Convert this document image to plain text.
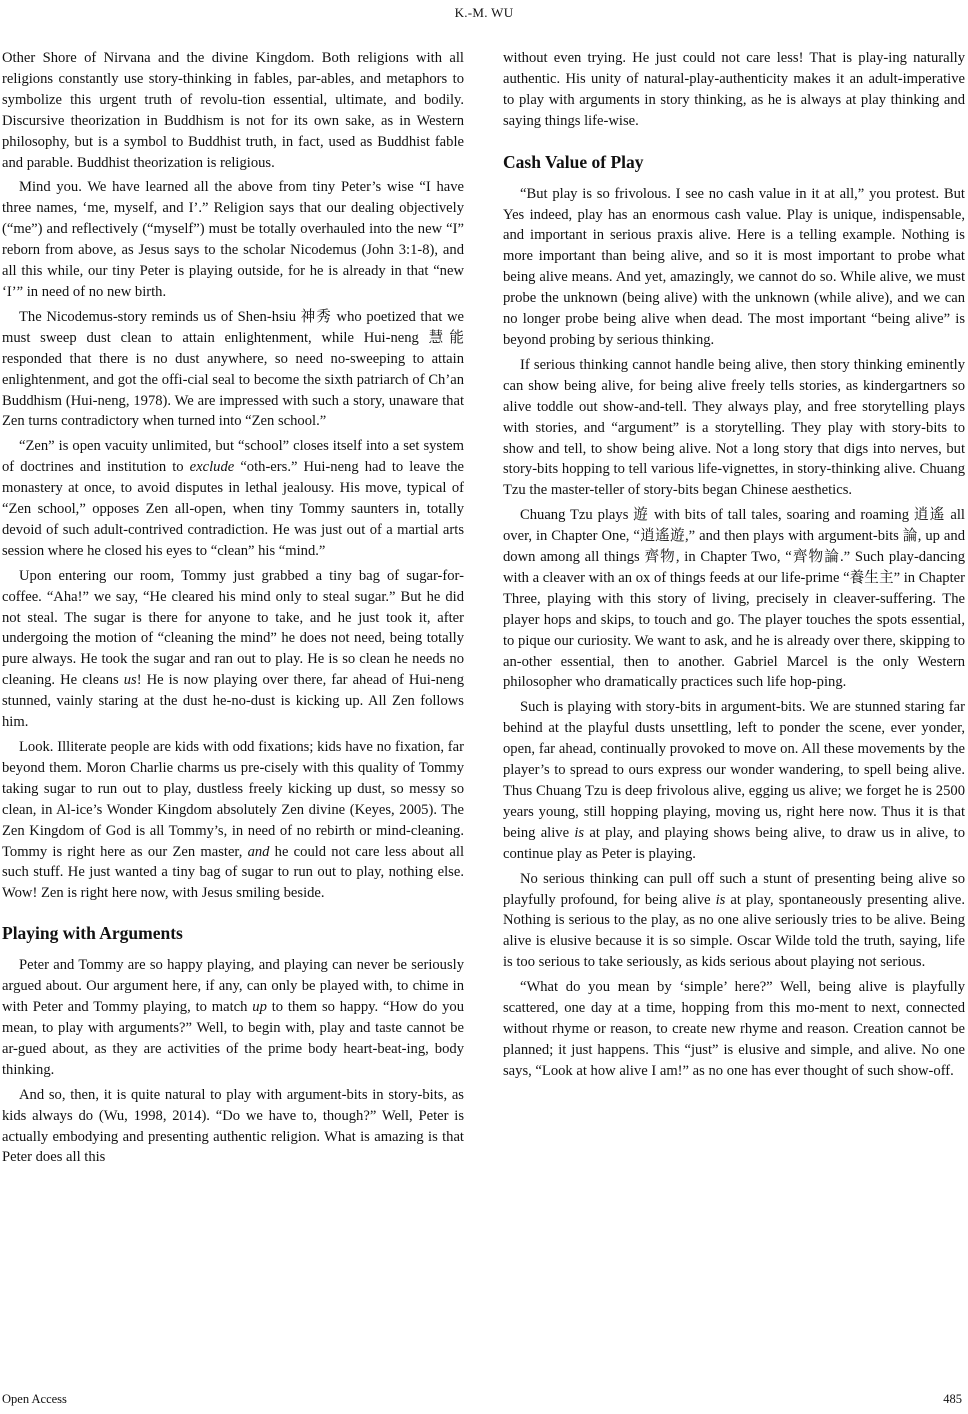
K.-M. WU

Other Shore of Nirvana and the divine Kingdom. Both religions with all religions constantly use story-thinking in fables, par-ables, and metaphors to symbolize this urgent truth of revolu-tion essential, ultimate, and bodily. Discursive theorization in Buddhism is not for its own sake, as in Western philosophy, but is a symbol to Buddhist truth, in fact, used as Buddhist fable and parable. Buddhist theorization is religious.

Mind you. We have learned all the above from tiny Peter’s wise “I have three names, ‘me, myself, and I’.” Religion says that our dealing objectively (“me”) and reflectively (“myself”) must be totally overhauled into the new “I” reborn from above, as Jesus says to the scholar Nicodemus (John 3:1-8), and all this while, our tiny Peter is playing outside, for he is already in that “new ‘I’” in need of no new birth.

The Nicodemus-story reminds us of Shen-hsiu 神秀 who poetized that we must sweep dust clean to attain enlightenment, while Hui-neng 慧能 responded that there is no dust anywhere, so need no-sweeping to attain enlightenment, and got the offi-cial seal to become the sixth patriarch of Ch’an Buddhism (Hui-neng, 1978). We are impressed with such a story, unaware that Zen turns contradictory when turned into “Zen school.”

“Zen” is open vacuity unlimited, but “school” closes itself into a set system of doctrines and institution to exclude “oth-ers.” Hui-neng had to leave the monastery at once, to avoid disputes in lethal jealousy. His move, typical of “Zen school,” opposes Zen all-open, when tiny Tommy saunters in, totally devoid of such adult-contrived contradiction. He was just out of a martial arts session where he closed his eyes to “clean” his “mind.”

Upon entering our room, Tommy just grabbed a tiny bag of sugar-for-coffee. “Aha!” we say, “He cleared his mind only to steal sugar.” But he did not steal. The sugar is there for anyone to take, and he just took it, after undergoing the motion of “cleaning the mind” he does not need, being totally pure always. He took the sugar and ran out to play. He is so clean he needs no cleaning. He cleans us! He is now playing over there, far ahead of Hui-neng stunned, vainly staring at the dust he-no-dust is kicking up. All Zen follows him.

Look. Illiterate people are kids with odd fixations; kids have no fixation, far beyond them. Moron Charlie charms us pre-cisely with this quality of Tommy taking sugar to run out to play, dustless freely kicking up dust, so messy so clean, in Al-ice’s Wonder Kingdom absolutely Zen divine (Keyes, 2005). The Zen Kingdom of God is all Tommy’s, in need of no rebirth or mind-cleaning. Tommy is right here as our Zen master, and he could not care less about all such stuff. He just wanted a tiny bag of sugar to run out to play, nothing else. Wow! Zen is right here now, with Jesus smiling beside.

Playing with Arguments

Peter and Tommy are so happy playing, and playing can never be seriously argued about. Our argument here, if any, can only be played with, to chime in with Peter and Tommy playing, to match up to them so happy. “How do you mean, to play with arguments?” Well, to begin with, play and taste cannot be ar-gued about, as they are activities of the prime body heart-beat-ing, body thinking.

And so, then, it is quite natural to play with argument-bits in story-bits, as kids always do (Wu, 1998, 2014). “Do we have to, though?” Well, Peter is actually embodying and presenting authentic religion. What is amazing is that Peter does all this

without even trying. He just could not care less! That is play-ing naturally authentic. His unity of natural-play-authenticity makes it an adult-imperative to play with arguments in story thinking, as he is always at play thinking and saying things life-wise.

Cash Value of Play

“But play is so frivolous. I see no cash value in it at all,” you protest. But Yes indeed, play has an enormous cash value. Play is unique, indispensable, and important in serious praxis alive. Here is a telling example. Nothing is more important than being alive, and so it is most important to probe what being alive means. And yet, amazingly, we cannot do so. While alive, we must probe the unknown (being alive) with the unknown (while alive), and we can no longer probe being alive when dead. The most important “being alive” is beyond probing by serious thinking.

If serious thinking cannot handle being alive, then story thinking eminently can show being alive, for being alive freely tells stories, as kindergartners so alive toddle out show-and-tell. They always play, and free storytelling plays with stories, and “argument” is a storytelling. They play with story-bits to show and tell, to show being alive. Not a long story that digs into nerves, but story-bits hopping to tell various life-vignettes, in story-thinking alive. Chuang Tzu the master-teller of story-bits began Chinese aesthetics.

Chuang Tzu plays 遊 with bits of tall tales, soaring and roaming 逍遙 all over, in Chapter One, “逍遙遊,” and then plays with argument-bits 論, up and down among all things 齊物, in Chapter Two, “齊物論.” Such play-dancing with a cleaver with an ox of things feeds at our life-prime “養生主” in Chapter Three, playing with this story of living, precisely in cleaver-suffering. The player hops and skips, to touch and go. The player touches the spots essential, to pique our curiosity. We want to ask, and he is already over there, skipping to an-other essential, then to another. Gabriel Marcel is the only Western philosopher who dramatically practices such life hop-ping.

Such is playing with story-bits in argument-bits. We are stunned staring far behind at the playful dusts unsettling, left to ponder the scene, ever yonder, open, far ahead, continually provoked to move on. All these movements by the player’s to spread to ours express our wonder wandering, to spell being alive. Thus Chuang Tzu is deep frivolous alive, egging us alive; we forget he is 2500 years young, still hopping playing, moving us, right here now. Thus it is that being alive is at play, and playing shows being alive, to draw us in alive, to continue play as Peter is playing.

No serious thinking can pull off such a stunt of presenting being alive so playfully profound, for being alive is at play, spontaneously presenting alive. Nothing is serious to the play, as no one alive seriously tries to be alive. Being alive is elusive because it is so simple. Oscar Wilde told the truth, saying, life is too serious to take seriously, as kids serious about playing not serious.

“What do you mean by ‘simple’ here?” Well, being alive is playfully scattered, one day at a time, hopping from this mo-ment to next, connected without rhyme or reason, to create new rhyme and reason. Creation cannot be planned; it just happens. This “just” is elusive and simple, and alive. No one says, “Look at how alive I am!” as no one has ever thought of such show-off.

Open Access	485
